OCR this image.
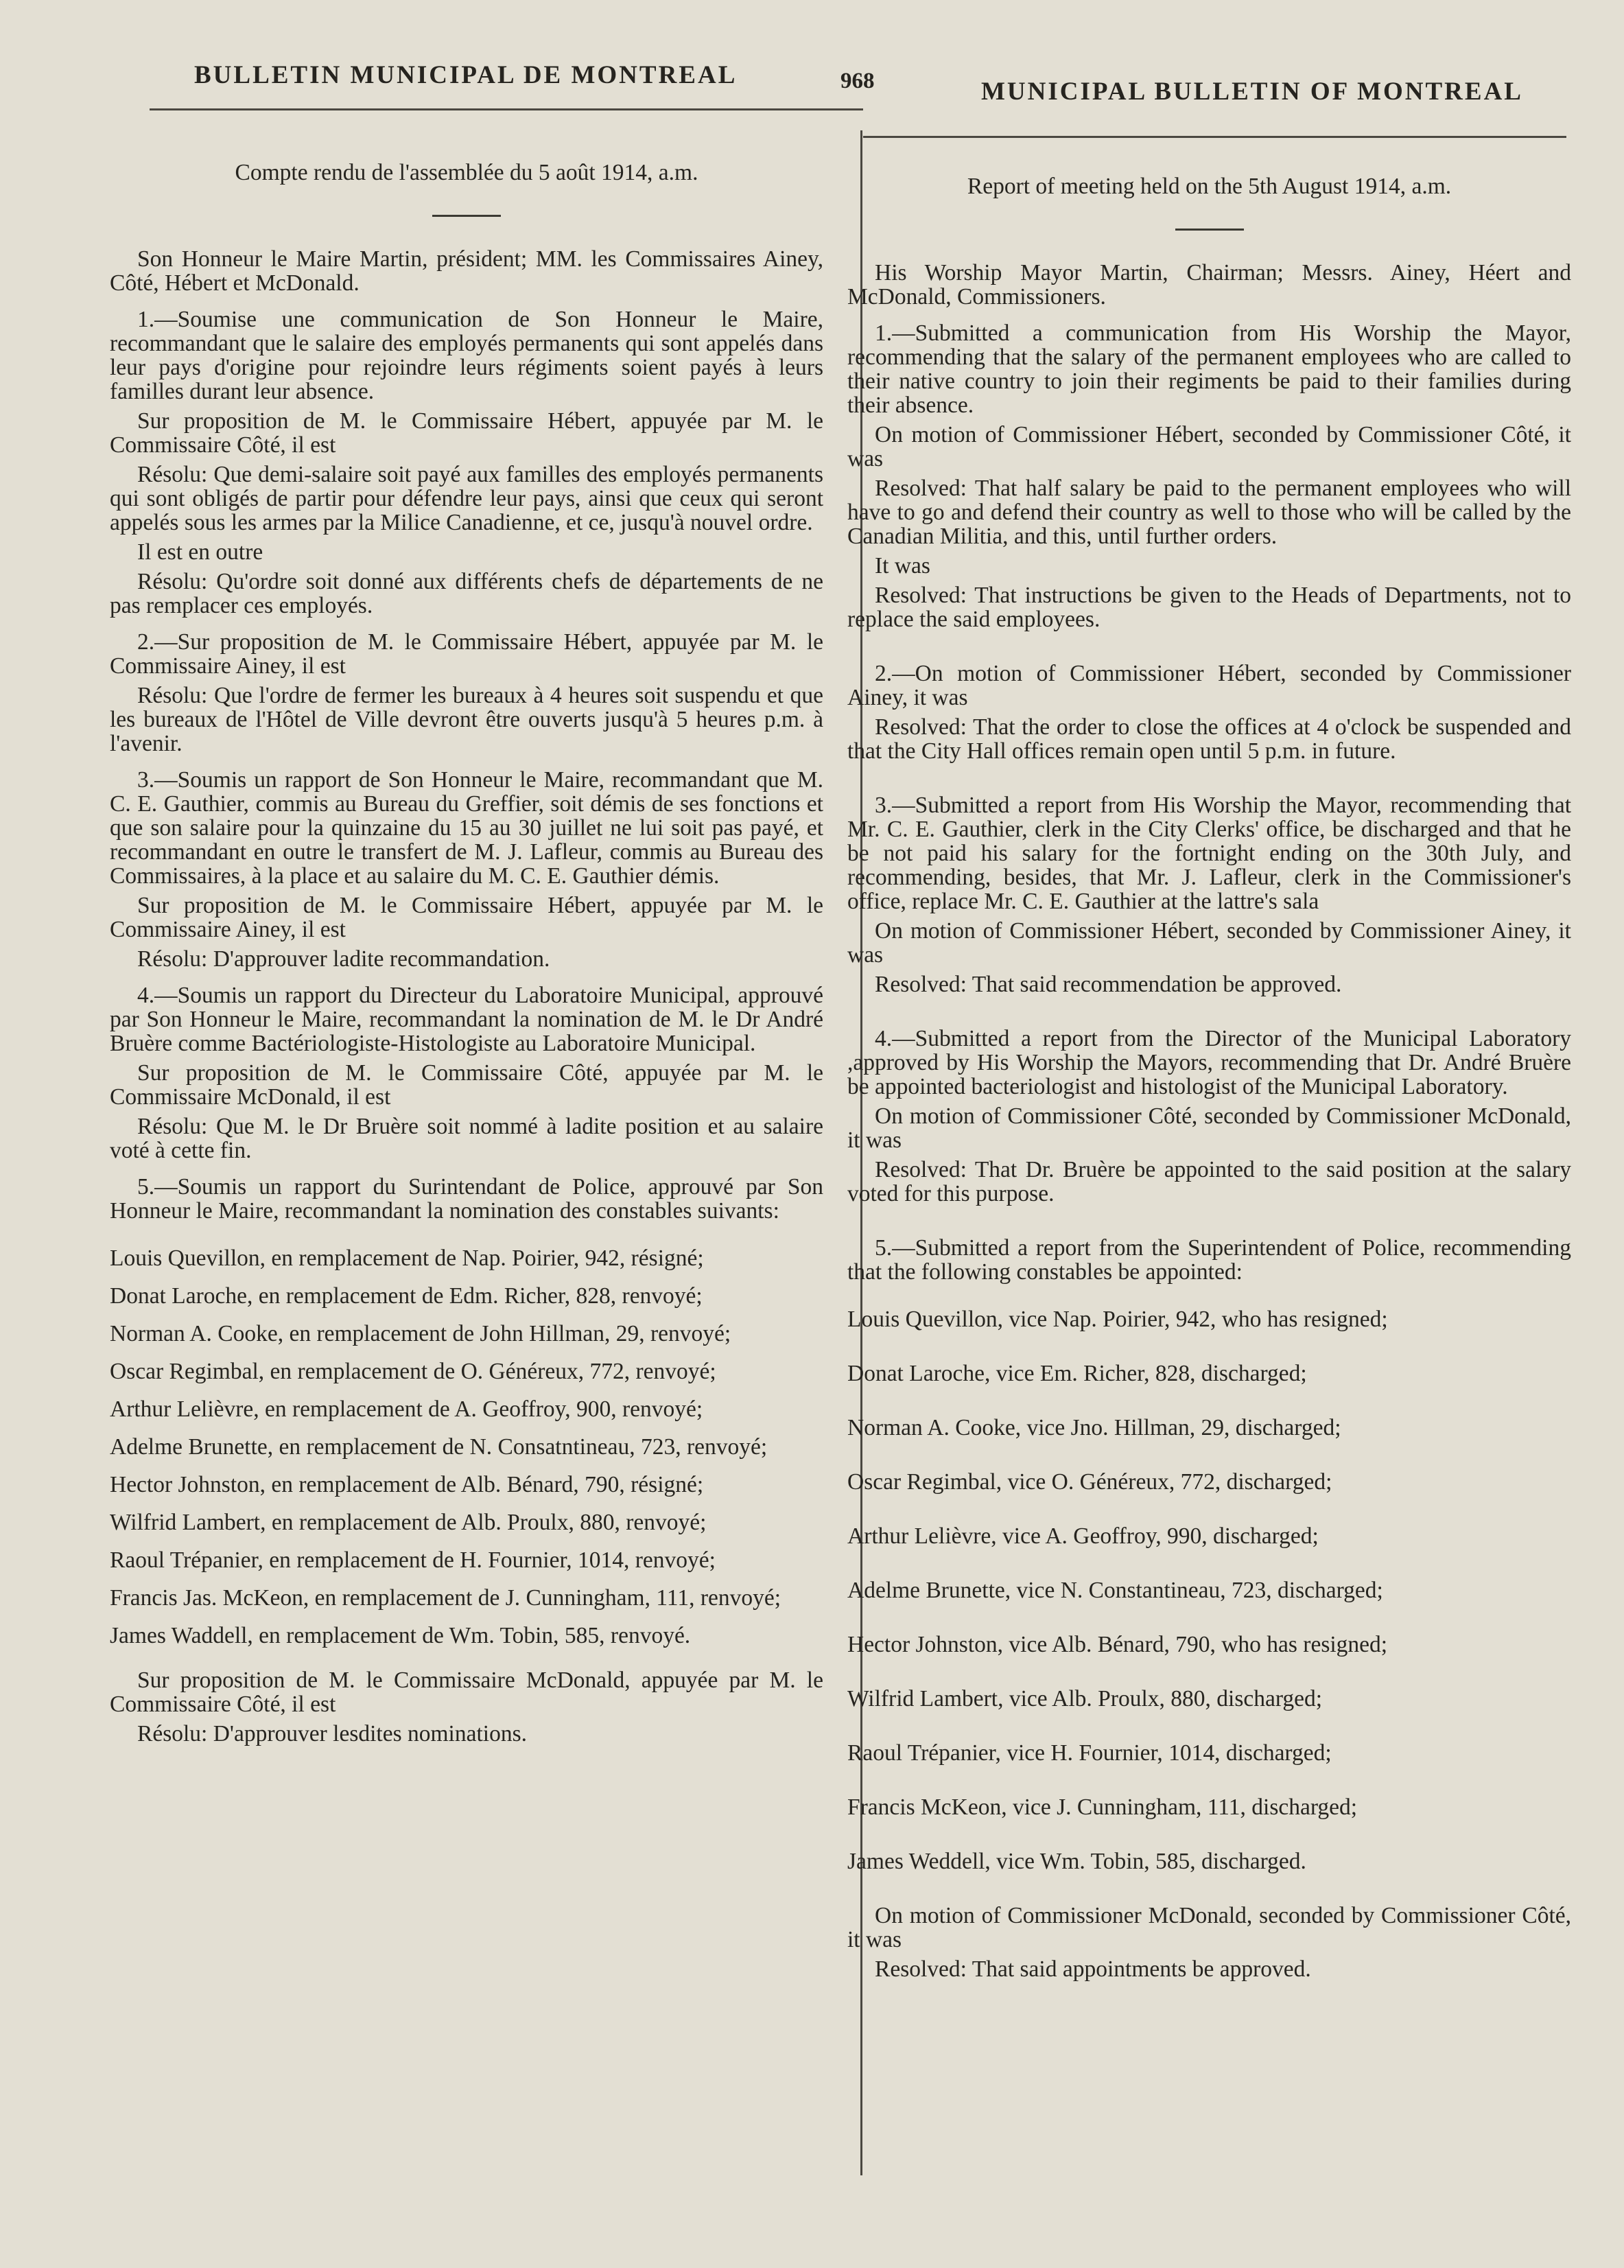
BULLETIN MUNICIPAL DE MONTREAL	968	MUNICIPAL BULLETIN OF MONTREAL
Compte rendu de l'assemblée du 5 août 1914, a.m.

Son Honneur le Maire Martin, président; MM. les Commissaires Ainey, Côté, Hébert et McDonald.

1.—Soumise une communication de Son Honneur le Maire, recommandant que le salaire des employés permanents qui sont appelés dans leur pays d'origine pour rejoindre leurs régiments soient payés à leurs familles durant leur absence.

Sur proposition de M. le Commissaire Hébert, appuyée par M. le Commissaire Côté, il est

Résolu: Que demi-salaire soit payé aux familles des employés permanents qui sont obligés de partir pour défendre leur pays, ainsi que ceux qui seront appelés sous les armes par la Milice Canadienne, et ce, jusqu'à nouvel ordre.

Il est en outre

Résolu: Qu'ordre soit donné aux différents chefs de départements de ne pas remplacer ces employés.

2.—Sur proposition de M. le Commissaire Hébert, appuyée par M. le Commissaire Ainey, il est

Résolu: Que l'ordre de fermer les bureaux à 4 heures soit suspendu et que les bureaux de l'Hôtel de Ville devront être ouverts jusqu'à 5 heures p.m. à l'avenir.

3.—Soumis un rapport de Son Honneur le Maire, recommandant que M. C. E. Gauthier, commis au Bureau du Greffier, soit démis de ses fonctions et que son salaire pour la quinzaine du 15 au 30 juillet ne lui soit pas payé, et recommandant en outre le transfert de M. J. Lafleur, commis au Bureau des Commissaires, à la place et au salaire du M. C. E. Gauthier démis.

Sur proposition de M. le Commissaire Hébert, appuyée par M. le Commissaire Ainey, il est

Résolu: D'approuver ladite recommandation.

4.—Soumis un rapport du Directeur du Laboratoire Municipal, approuvé par Son Honneur le Maire, recommandant la nomination de M. le Dr André Bruère comme Bactériologiste-Histologiste au Laboratoire Municipal.

Sur proposition de M. le Commissaire Côté, appuyée par M. le Commissaire McDonald, il est

Résolu: Que M. le Dr Bruère soit nommé à ladite position et au salaire voté à cette fin.

5.—Soumis un rapport du Surintendant de Police, approuvé par Son Honneur le Maire, recommandant la nomination des constables suivants:

Louis Quevillon, en remplacement de Nap. Poirier, 942, résigné;
Donat Laroche, en remplacement de Edm. Richer, 828, renvoyé;
Norman A. Cooke, en remplacement de John Hillman, 29, renvoyé;
Oscar Regimbal, en remplacement de O. Généreux, 772, renvoyé;
Arthur Lelièvre, en remplacement de A. Geoffroy, 900, renvoyé;
Adelme Brunette, en remplacement de N. Consatntineau, 723, renvoyé;
Hector Johnston, en remplacement de Alb. Bénard, 790, résigné;
Wilfrid Lambert, en remplacement de Alb. Proulx, 880, renvoyé;
Raoul Trépanier, en remplacement de H. Fournier, 1014, renvoyé;
Francis Jas. McKeon, en remplacement de J. Cunningham, 111, renvoyé;
James Waddell, en remplacement de Wm. Tobin, 585, renvoyé.

Sur proposition de M. le Commissaire McDonald, appuyée par M. le Commissaire Côté, il est

Résolu: D'approuver lesdites nominations.

Report of meeting held on the 5th August 1914, a.m.

His Worship Mayor Martin, Chairman; Messrs. Ainey, Héert and McDonald, Commissioners.

1.—Submitted a communication from His Worship the Mayor, recommending that the salary of the permanent employees who are called to their native country to join their regiments be paid to their families during their absence.

On motion of Commissioner Hébert, seconded by Commissioner Côté, it was

Resolved: That half salary be paid to the permanent employees who will have to go and defend their country as well to those who will be called by the Canadian Militia, and this, until further orders.

It was

Resolved: That instructions be given to the Heads of Departments, not to replace the said employees.

2.—On motion of Commissioner Hébert, seconded by Commissioner Ainey, it was

Resolved: That the order to close the offices at 4 o'clock be suspended and that the City Hall offices remain open until 5 p.m. in future.

3.—Submitted a report from His Worship the Mayor, recommending that Mr. C. E. Gauthier, clerk in the City Clerks' office, be discharged and that he be not paid his salary for the fortnight ending on the 30th July, and recommending, besides, that Mr. J. Lafleur, clerk in the Commissioner's office, replace Mr. C. E. Gauthier at the lattre's sala

On motion of Commissioner Hébert, seconded by Commissioner Ainey, it was

Resolved: That said recommendation be approved.

4.—Submitted a report from the Director of the Municipal Laboratory ,approved by His Worship the Mayors, recommending that Dr. André Bruère be appointed bacteriologist and histologist of the Municipal Laboratory.

On motion of Commissioner Côté, seconded by Commissioner McDonald, it was

Resolved: That Dr. Bruère be appointed to the said position at the salary voted for this purpose.

5.—Submitted a report from the Superintendent of Police, recommending that the following constables be appointed:

Louis Quevillon, vice Nap. Poirier, 942, who has resigned;
Donat Laroche, vice Em. Richer, 828, discharged;
Norman A. Cooke, vice Jno. Hillman, 29, discharged;
Oscar Regimbal, vice O. Généreux, 772, discharged;
Arthur Lelièvre, vice A. Geoffroy, 990, discharged;
Adelme Brunette, vice N. Constantineau, 723, discharged;
Hector Johnston, vice Alb. Bénard, 790, who has resigned;
Wilfrid Lambert, vice Alb. Proulx, 880, discharged;
Raoul Trépanier, vice H. Fournier, 1014, discharged;
Francis McKeon, vice J. Cunningham, 111, discharged;
James Weddell, vice Wm. Tobin, 585, discharged.

On motion of Commissioner McDonald, seconded by Commissioner Côté, it was

Resolved: That said appointments be approved.
